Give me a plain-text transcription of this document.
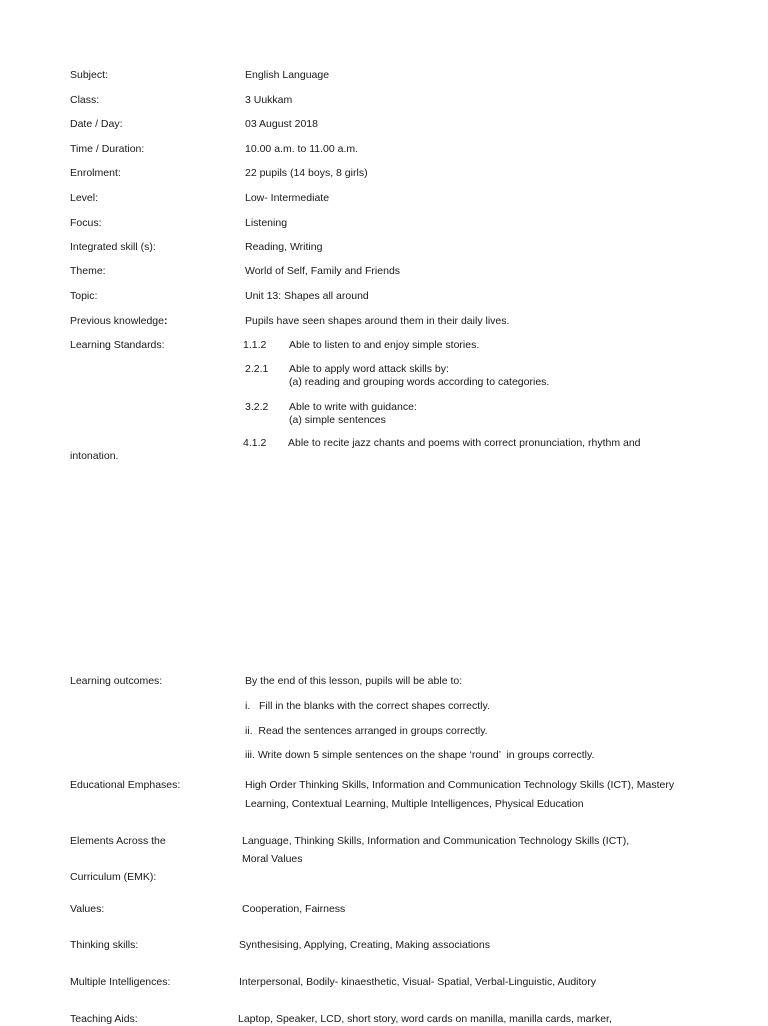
Subject:	English Language
Class:	3 Uukkam
Date / Day:	03 August 2018
Time / Duration:	10.00 a.m. to 11.00 a.m.
Enrolment:	22 pupils (14 boys, 8 girls)
Level:	Low- Intermediate
Focus:	Listening
Integrated skill (s):	Reading, Writing
Theme:	World of Self, Family and Friends
Topic:	Unit 13: Shapes all around
Previous knowledge:	Pupils have seen shapes around them in their daily lives.
Learning Standards:	1.1.2	Able to listen to and enjoy simple stories.
2.2.1	Able to apply word attack skills by:
(a) reading and grouping words according to categories.
3.2.2	Able to write with guidance:
(a) simple sentences
4.1.2	Able to recite jazz chants and poems with correct pronunciation, rhythm and
intonation.
Learning outcomes:	By the end of this lesson, pupils will be able to:
i.   Fill in the blanks with the correct shapes correctly.
ii.  Read the sentences arranged in groups correctly.
iii. Write down 5 simple sentences on the shape ‘round’  in groups correctly.
Educational Emphases:	High Order Thinking Skills, Information and Communication Technology Skills (ICT), Mastery
Learning, Contextual Learning, Multiple Intelligences, Physical Education
Elements Across the	Language, Thinking Skills, Information and Communication Technology Skills (ICT),
Moral Values
Curriculum (EMK):
Values:	Cooperation, Fairness
Thinking skills:	Synthesising, Applying, Creating, Making associations
Multiple Intelligences:	Interpersonal, Bodily- kinaesthetic, Visual- Spatial, Verbal-Linguistic, Auditory
Teaching Aids:	Laptop, Speaker, LCD, short story, word cards on manilla, manilla cards, marker,
